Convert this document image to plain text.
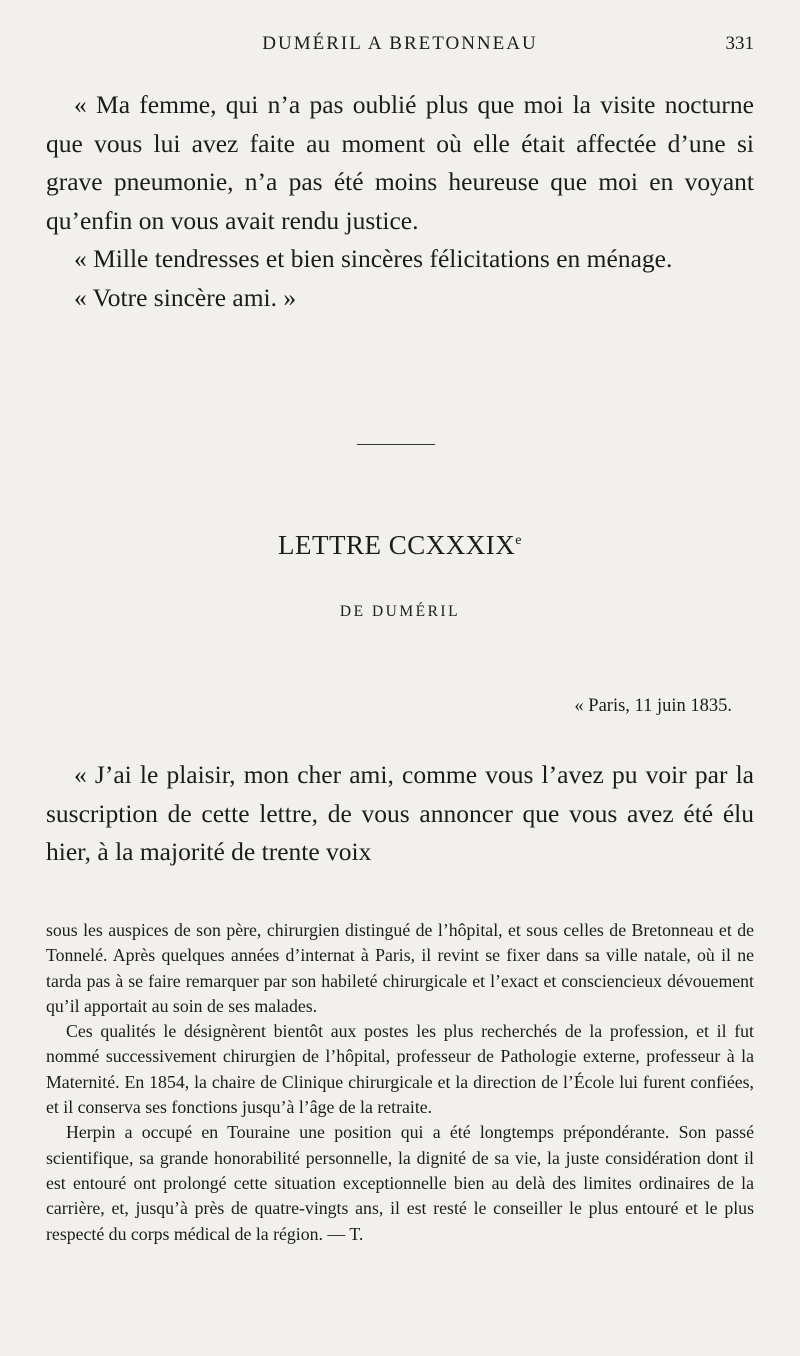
DUMÉRIL A BRETONNEAU	331

« Ma femme, qui n’a pas oublié plus que moi la visite nocturne que vous lui avez faite au moment où elle était affectée d’une si grave pneumonie, n’a pas été moins heureuse que moi en voyant qu’enfin on vous avait rendu justice.

« Mille tendresses et bien sincères félicitations en ménage.

« Votre sincère ami. »

LETTRE CCXXXIXe
DE DUMÉRIL
« Paris, 11 juin 1835.

« J’ai le plaisir, mon cher ami, comme vous l’avez pu voir par la suscription de cette lettre, de vous annoncer que vous avez été élu hier, à la majorité de trente voix

sous les auspices de son père, chirurgien distingué de l’hôpital, et sous celles de Bretonneau et de Tonnelé. Après quelques années d’internat à Paris, il revint se fixer dans sa ville natale, où il ne tarda pas à se faire remarquer par son habileté chirurgicale et l’exact et consciencieux dévouement qu’il apportait au soin de ses malades.

Ces qualités le désignèrent bientôt aux postes les plus recherchés de la profession, et il fut nommé successivement chirurgien de l’hôpital, professeur de Pathologie externe, professeur à la Maternité. En 1854, la chaire de Clinique chirurgicale et la direction de l’École lui furent confiées, et il conserva ses fonctions jusqu’à l’âge de la retraite.

Herpin a occupé en Touraine une position qui a été longtemps prépondérante. Son passé scientifique, sa grande honorabilité personnelle, la dignité de sa vie, la juste considération dont il est entouré ont prolongé cette situation exceptionnelle bien au delà des limites ordinaires de la carrière, et, jusqu’à près de quatre-vingts ans, il est resté le conseiller le plus entouré et le plus respecté du corps médical de la région. — T.
